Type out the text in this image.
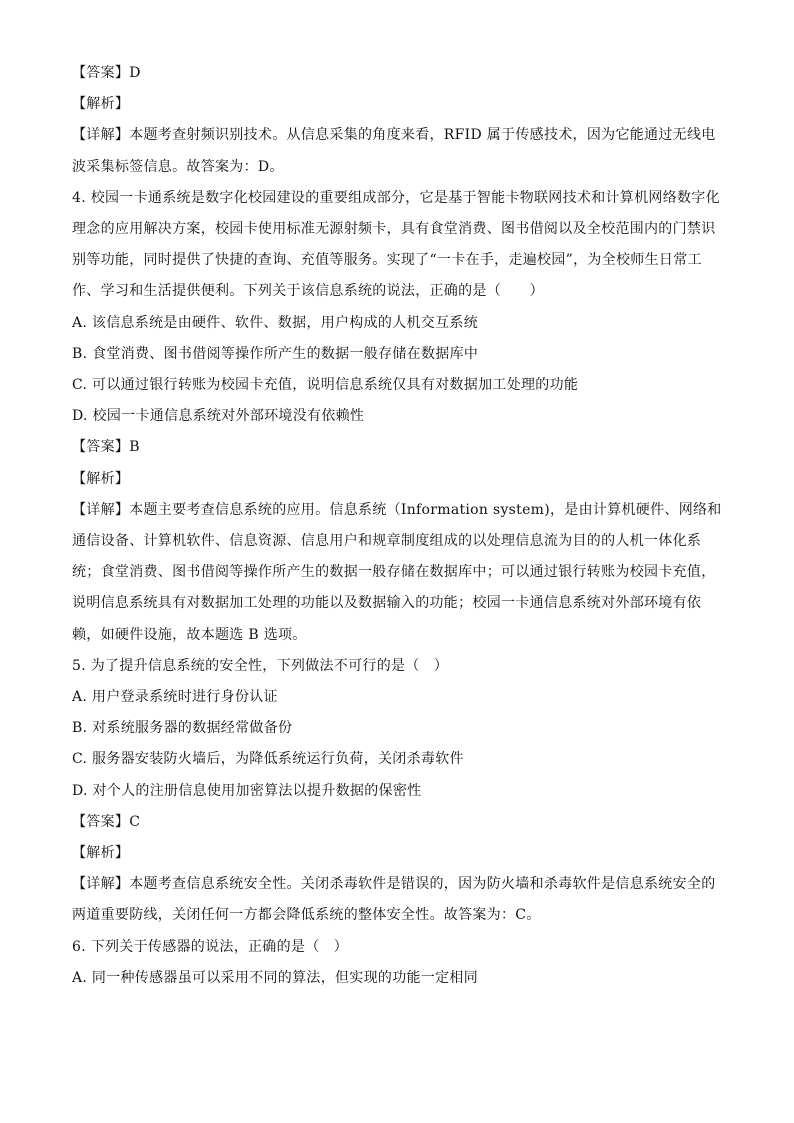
【答案】D

【解析】

【详解】本题考查射频识别技术。从信息采集的角度来看，RFID 属于传感技术，因为它能通过无线电波采集标签信息。故答案为：D。

4. 校园一卡通系统是数字化校园建设的重要组成部分，它是基于智能卡物联网技术和计算机网络数字化理念的应用解决方案，校园卡使用标准无源射频卡，具有食堂消费、图书借阅以及全校范围内的门禁识别等功能，同时提供了快捷的查询、充值等服务。实现了“一卡在手，走遍校园”，为全校师生日常工作、学习和生活提供便利。下列关于该信息系统的说法，正确的是（　　）

A. 该信息系统是由硬件、软件、数据，用户构成的人机交互系统

B. 食堂消费、图书借阅等操作所产生的数据一般存储在数据库中

C. 可以通过银行转账为校园卡充值，说明信息系统仅具有对数据加工处理的功能

D. 校园一卡通信息系统对外部环境没有依赖性

【答案】B

【解析】

【详解】本题主要考查信息系统的应用。信息系统（Information system)，是由计算机硬件、网络和通信设备、计算机软件、信息资源、信息用户和规章制度组成的以处理信息流为目的的人机一体化系统；食堂消费、图书借阅等操作所产生的数据一般存储在数据库中；可以通过银行转账为校园卡充值，说明信息系统具有对数据加工处理的功能以及数据输入的功能；校园一卡通信息系统对外部环境有依赖，如硬件设施，故本题选 B 选项。

5. 为了提升信息系统的安全性，下列做法不可行的是（　）

A. 用户登录系统时进行身份认证

B. 对系统服务器的数据经常做备份

C. 服务器安装防火墙后，为降低系统运行负荷，关闭杀毒软件

D. 对个人的注册信息使用加密算法以提升数据的保密性

【答案】C

【解析】

【详解】本题考查信息系统安全性。关闭杀毒软件是错误的，因为防火墙和杀毒软件是信息系统安全的两道重要防线，关闭任何一方都会降低系统的整体安全性。故答案为：C。

6. 下列关于传感器的说法，正确的是（　）

A. 同一种传感器虽可以采用不同的算法，但实现的功能一定相同
